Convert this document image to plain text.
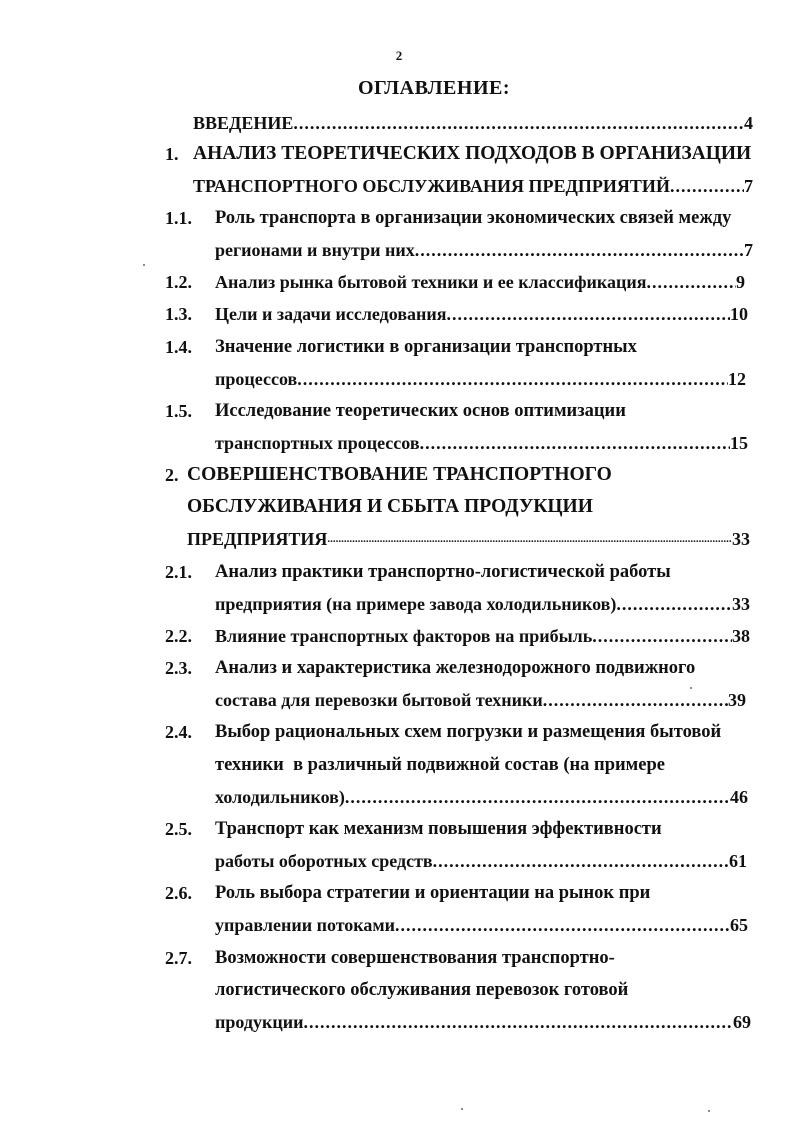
2
ОГЛАВЛЕНИЕ:
ВВЕДЕНИЕ .....	4
1. АНАЛИЗ ТЕОРЕТИЧЕСКИХ ПОДХОДОВ В ОРГАНИЗАЦИИ
ТРАНСПОРТНОГО ОБСЛУЖИВАНИЯ ПРЕДПРИЯТИЙ .....	7
1.1. Роль транспорта в организации экономических связей между
регионами и внутри них .....	7
1.2. Анализ рынка бытовой техники и ее классификация .....	9
1.3. Цели и задачи исследования .....	10
1.4. Значение логистики в организации транспортных
процессов .....	12
1.5. Исследование теоретических основ оптимизации
транспортных процессов .....	15
2. СОВЕРШЕНСТВОВАНИЕ ТРАНСПОРТНОГО
ОБСЛУЖИВАНИЯ И СБЫТА ПРОДУКЦИИ
ПРЕДПРИЯТИЯ .....	33
2.1. Анализ практики транспортно-логистической работы
предприятия (на примере завода холодильников) .....	33
2.2. Влияние транспортных факторов на прибыль .....	38
2.3. Анализ и характеристика железнодорожного подвижного
состава для перевозки бытовой техники .....	39
2.4. Выбор рациональных схем погрузки и размещения бытовой
техники  в различный подвижной состав (на примере
холодильников) .....	46
2.5. Транспорт как механизм повышения эффективности
работы оборотных средств .....	61
2.6. Роль выбора стратегии и ориентации на рынок при
управлении потоками .....	65
2.7. Возможности совершенствования транспортно-
логистического обслуживания перевозок готовой
продукции .....	69
